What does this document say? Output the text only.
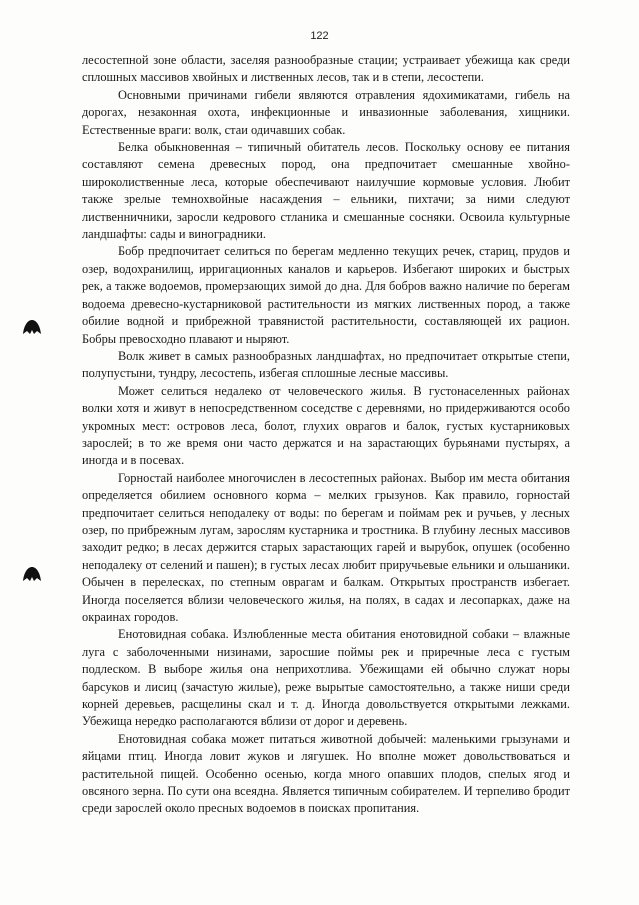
122

лесостепной зоне области, заселяя разнообразные стации; устраивает убежища как среди сплошных массивов хвойных и лиственных лесов, так и в степи, лесостепи.

Основными причинами гибели являются отравления ядохимикатами, гибель на дорогах, незаконная охота, инфекционные и инвазионные заболевания, хищники. Естественные враги: волк, стаи одичавших собак.

Белка обыкновенная – типичный обитатель лесов. Поскольку основу ее питания составляют семена древесных пород, она предпочитает смешанные хвойно-широколиственные леса, которые обеспечивают наилучшие кормовые условия. Любит также зрелые темнохвойные насаждения – ельники, пихтачи; за ними следуют лиственничники, заросли кедрового стланика и смешанные сосняки. Освоила культурные ландшафты: сады и виноградники.

Бобр предпочитает селиться по берегам медленно текущих речек, стариц, прудов и озер, водохранилищ, ирригационных каналов и карьеров. Избегают широких и быстрых рек, а также водоемов, промерзающих зимой до дна. Для бобров важно наличие по берегам водоема древесно-кустарниковой растительности из мягких лиственных пород, а также обилие водной и прибрежной травянистой растительности, составляющей их рацион. Бобры превосходно плавают и ныряют.

Волк живет в самых разнообразных ландшафтах, но предпочитает открытые степи, полупустыни, тундру, лесостепь, избегая сплошные лесные массивы.

Может селиться недалеко от человеческого жилья. В густонаселенных районах волки хотя и живут в непосредственном соседстве с деревнями, но придерживаются особо укромных мест: островов леса, болот, глухих оврагов и балок, густых кустарниковых зарослей; в то же время они часто держатся и на зарастающих бурьянами пустырях, а иногда и в посевах.

Горностай наиболее многочислен в лесостепных районах. Выбор им места обитания определяется обилием основного корма – мелких грызунов. Как правило, горностай предпочитает селиться неподалеку от воды: по берегам и поймам рек и ручьев, у лесных озер, по прибрежным лугам, зарослям кустарника и тростника. В глубину лесных массивов заходит редко; в лесах держится старых зарастающих гарей и вырубок, опушек (особенно неподалеку от селений и пашен); в густых лесах любит приручьевые ельники и ольшаники. Обычен в перелесках, по степным оврагам и балкам. Открытых пространств избегает. Иногда поселяется вблизи человеческого жилья, на полях, в садах и лесопарках, даже на окраинах городов.

Енотовидная собака. Излюбленные места обитания енотовидной собаки – влажные луга с заболоченными низинами, заросшие поймы рек и приречные леса с густым подлеском. В выборе жилья она неприхотлива. Убежищами ей обычно служат норы барсуков и лисиц (зачастую жилые), реже вырытые самостоятельно, а также ниши среди корней деревьев, расщелины скал и т. д. Иногда довольствуется открытыми лежками. Убежища нередко располагаются вблизи от дорог и деревень.

Енотовидная собака может питаться животной добычей: маленькими грызунами и яйцами птиц. Иногда ловит жуков и лягушек. Но вполне может довольствоваться и растительной пищей. Особенно осенью, когда много опавших плодов, спелых ягод и овсяного зерна. По сути она всеядна. Является типичным собирателем. И терпеливо бродит среди зарослей около пресных водоемов в поисках пропитания.
